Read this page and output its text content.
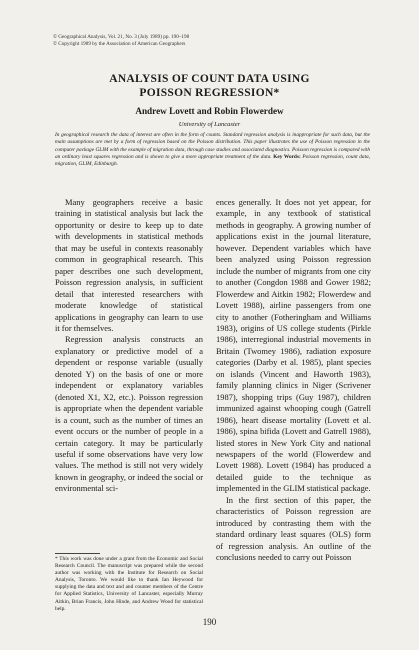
© Geographical Analysis, Vol. 21, No. 3 (July 1989) pp. 190–198
© Copyright 1989 by the Association of American Geographers
ANALYSIS OF COUNT DATA USING
POISSON REGRESSION*
Andrew Lovett and Robin Flowerdew
University of Lancaster
In geographical research the data of interest are often in the form of counts. Standard regression analysis is inappropriate for such data, but the main assumptions are met by a form of regression based on the Poisson distribution. This paper illustrates the use of Poisson regression in the computer package GLIM with the example of migration data, through case studies and associated diagnostics. Poisson regression is compared with an ordinary least squares regression and is shown to give a more appropriate treatment of the data. Key Words: Poisson regression, count data, migration, GLIM, Edinburgh.

Many geographers receive a basic training in statistical analysis but lack the opportunity or desire to keep up to date with developments in statistical methods that may be useful in contexts reasonably common in geographical research. This paper describes one such development, Poisson regression analysis, in sufficient detail that interested researchers with moderate knowledge of statistical applications in geography can learn to use it for themselves.

Regression analysis constructs an explanatory or predictive model of a dependent or response variable (usually denoted Y) on the basis of one or more independent or explanatory variables (denoted X1, X2, etc.). Poisson regression is appropriate when the dependent variable is a count, such as the number of times an event occurs or the number of people in a certain category. It may be particularly useful if some observations have very low values. The method is still not very widely known in geography, or indeed the social or environmental sci-

ences generally. It does not yet appear, for example, in any textbook of statistical methods in geography. A growing number of applications exist in the journal literature, however. Dependent variables which have been analyzed using Poisson regression include the number of migrants from one city to another (Congdon 1988 and Gower 1982; Flowerdew and Aitkin 1982; Flowerdew and Lovett 1988), airline passengers from one city to another (Fotheringham and Williams 1983), origins of US college students (Pirkle 1986), interregional industrial movements in Britain (Twomey 1986), radiation exposure categories (Darby et al. 1985), plant species on islands (Vincent and Haworth 1983), family planning clinics in Niger (Scrivener 1987), shopping trips (Guy 1987), children immunized against whooping cough (Gatrell 1986), heart disease mortality (Lovett et al. 1986), spina bifida (Lovett and Gatrell 1988), listed stores in New York City and national newspapers of the world (Flowerdew and Lovett 1988). Lovett (1984) has produced a detailed guide to the technique as implemented in the GLIM statistical package.

In the first section of this paper, the characteristics of Poisson regression are introduced by contrasting them with the standard ordinary least squares (OLS) form of regression analysis. An outline of the conclusions needed to carry out Poisson

* This work was done under a grant from the Economic and Social Research Council. The manuscript was prepared while the second author was working with the Institute for Research on Social Analysis, Toronto. We would like to thank Ian Heywood for supplying the data and text and and counter members of the Centre for Applied Statistics, University of Lancaster, especially Murray Aitkin, Brian Francis, John Hinde, and Andrew Wood for statistical help.
190
